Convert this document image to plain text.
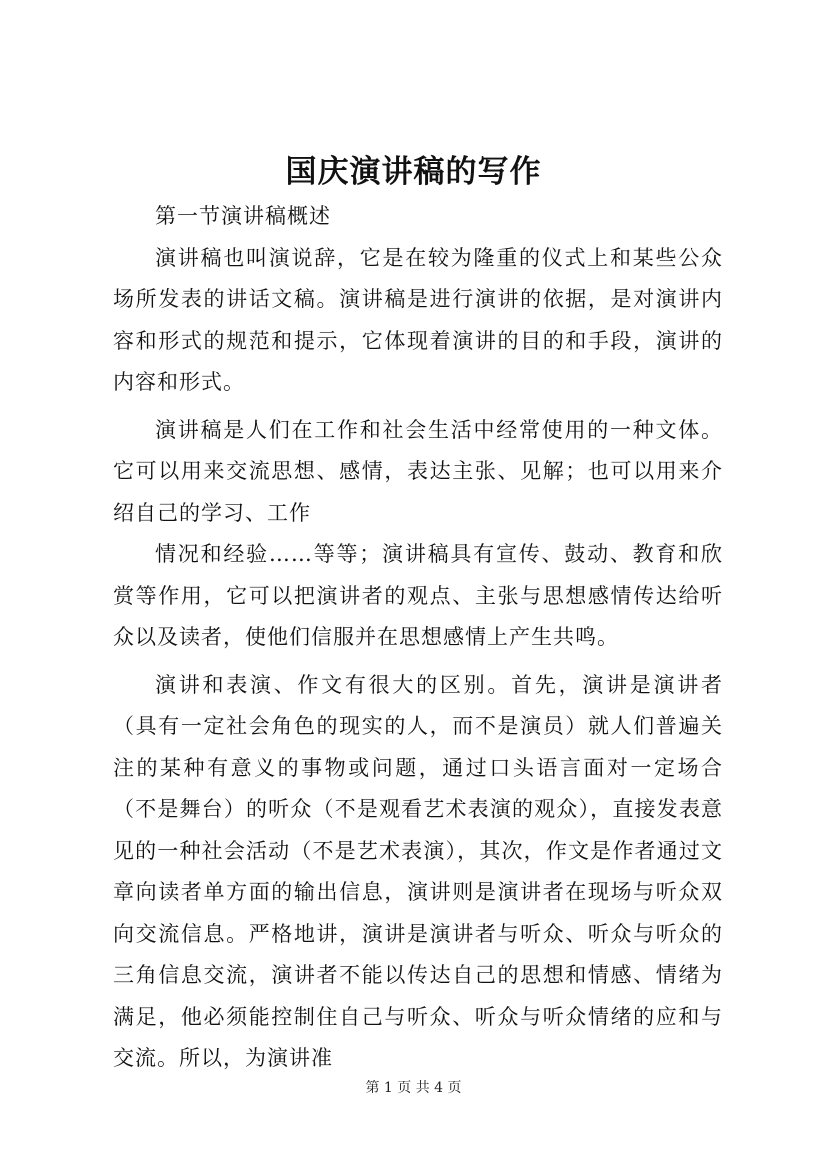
国庆演讲稿的写作

第一节演讲稿概述

演讲稿也叫演说辞，它是在较为隆重的仪式上和某些公众场所发表的讲话文稿。演讲稿是进行演讲的依据，是对演讲内容和形式的规范和提示，它体现着演讲的目的和手段，演讲的内容和形式。

演讲稿是人们在工作和社会生活中经常使用的一种文体。它可以用来交流思想、感情，表达主张、见解；也可以用来介绍自己的学习、工作

情况和经验……等等；演讲稿具有宣传、鼓动、教育和欣赏等作用，它可以把演讲者的观点、主张与思想感情传达给听众以及读者，使他们信服并在思想感情上产生共鸣。

演讲和表演、作文有很大的区别。首先，演讲是演讲者（具有一定社会角色的现实的人，而不是演员）就人们普遍关注的某种有意义的事物或问题，通过口头语言面对一定场合（不是舞台）的听众（不是观看艺术表演的观众），直接发表意见的一种社会活动（不是艺术表演），其次，作文是作者通过文章向读者单方面的输出信息，演讲则是演讲者在现场与听众双向交流信息。严格地讲，演讲是演讲者与听众、听众与听众的三角信息交流，演讲者不能以传达自己的思想和情感、情绪为满足，他必须能控制住自己与听众、听众与听众情绪的应和与交流。所以，为演讲准

第 1 页 共 4 页
